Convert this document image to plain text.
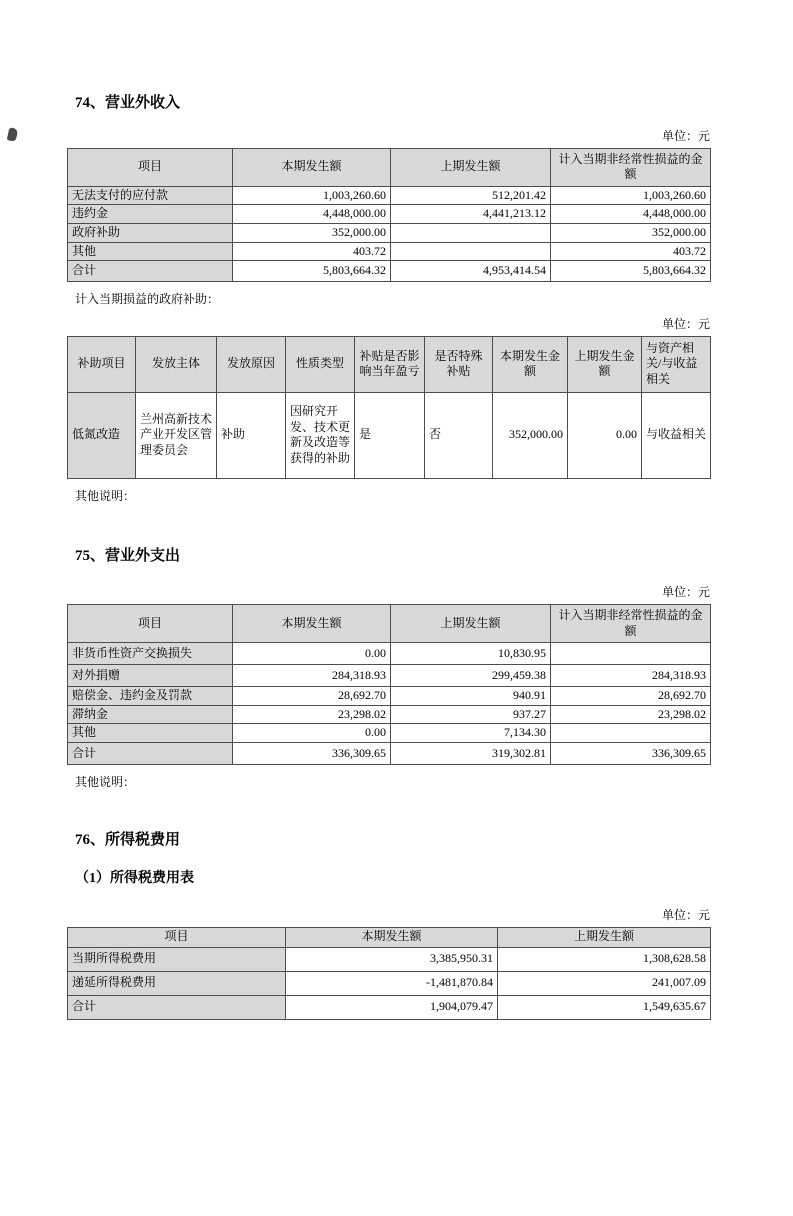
74、营业外收入
单位：元
项目	本期发生额	上期发生额	计入当期非经常性损益的金额
无法支付的应付款	1,003,260.60	512,201.42	1,003,260.60
违约金	4,448,000.00	4,441,213.12	4,448,000.00
政府补助	352,000.00		352,000.00
其他	403.72		403.72
合计	5,803,664.32	4,953,414.54	5,803,664.32
计入当期损益的政府补助：
单位：元
补助项目	发放主体	发放原因	性质类型	补贴是否影响当年盈亏	是否特殊补贴	本期发生金额	上期发生金额	与资产相关/与收益相关
低氮改造	兰州高新技术产业开发区管理委员会	补助	因研究开发、技术更新及改造等获得的补助	是	否	352,000.00	0.00	与收益相关
其他说明：
75、营业外支出
单位：元
项目	本期发生额	上期发生额	计入当期非经常性损益的金额
非货币性资产交换损失	0.00	10,830.95	
对外捐赠	284,318.93	299,459.38	284,318.93
赔偿金、违约金及罚款	28,692.70	940.91	28,692.70
滞纳金	23,298.02	937.27	23,298.02
其他	0.00	7,134.30	
合计	336,309.65	319,302.81	336,309.65
其他说明：
76、所得税费用
（1）所得税费用表
单位：元
项目	本期发生额	上期发生额
当期所得税费用	3,385,950.31	1,308,628.58
递延所得税费用	-1,481,870.84	241,007.09
合计	1,904,079.47	1,549,635.67
